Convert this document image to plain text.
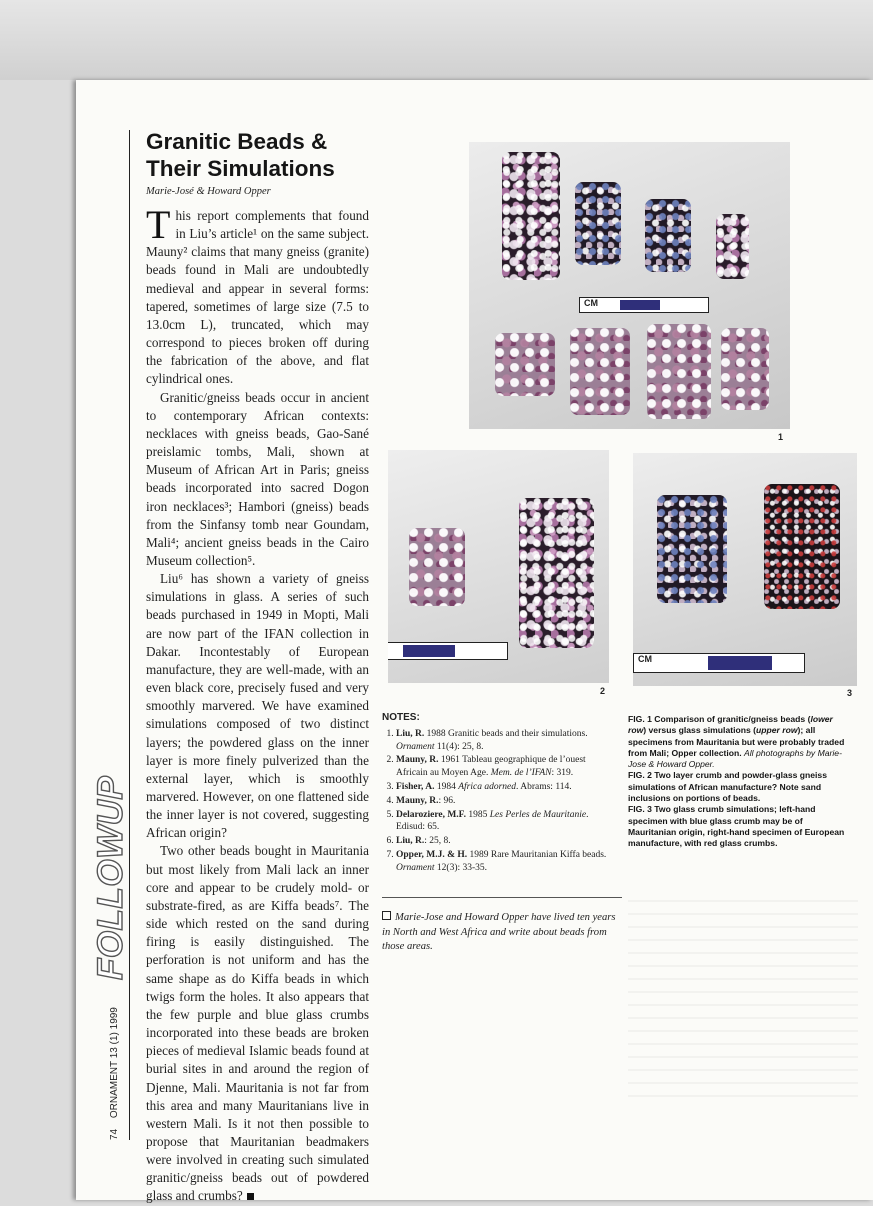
Granitic Beads &
Their Simulations
Marie-José & Howard Opper

This report complements that found in Liu’s article¹ on the same subject. Mauny² claims that many gneiss (granite) beads found in Mali are undoubtedly medieval and appear in several forms: tapered, sometimes of large size (7.5 to 13.0cm L), truncated, which may correspond to pieces broken off during the fabrication of the above, and flat cylindrical ones.

Granitic/gneiss beads occur in ancient to contemporary African contexts: necklaces with gneiss beads, Gao-Sané preislamic tombs, Mali, shown at Museum of African Art in Paris; gneiss beads incorporated into sacred Dogon iron necklaces³; Hambori (gneiss) beads from the Sinfansy tomb near Goundam, Mali⁴; ancient gneiss beads in the Cairo Museum collection⁵.

Liu⁶ has shown a variety of gneiss simulations in glass. A series of such beads purchased in 1949 in Mopti, Mali are now part of the IFAN collection in Dakar. Incontestably of European manufacture, they are well-made, with an even black core, precisely fused and very smoothly marvered. We have examined simulations composed of two distinct layers; the powdered glass on the inner layer is more finely pulverized than the external layer, which is smoothly marvered. However, on one flattened side the inner layer is not covered, suggesting African origin?

Two other beads bought in Mauritania but most likely from Mali lack an inner core and appear to be crudely mold- or substrate-fired, as are Kiffa beads⁷. The side which rested on the sand during firing is easily distinguished. The perforation is not uniform and has the same shape as do Kiffa beads in which twigs form the holes. It also appears that the few purple and blue glass crumbs incorporated into these beads are broken pieces of medieval Islamic beads found at burial sites in and around the region of Djenne, Mali. Mauritania is not far from this area and many Mauritanians live in western Mali. Is it not then possible to propose that Mauritanian beadmakers were involved in creating such simulated granitic/gneiss beads out of powdered glass and crumbs?

74 ORNAMENT 13 (1) 1999
FOLLOWUP
CM
1
2
CM
3
NOTES:
1. Liu, R. 1988 Granitic beads and their simulations. Ornament 11(4): 25, 8.
2. Mauny, R. 1961 Tableau geographique de l’ouest Africain au Moyen Age. Mem. de l’IFAN: 319.
3. Fisher, A. 1984 Africa adorned. Abrams: 114.
4. Mauny, R.: 96.
5. Delaroziere, M.F. 1985 Les Perles de Mauritanie. Edisud: 65.
6. Liu, R.: 25, 8.
7. Opper, M.J. & H. 1989 Rare Mauritanian Kiffa beads. Ornament 12(3): 33-35.
Marie-Jose and Howard Opper have lived ten years in North and West Africa and write about beads from those areas.

FIG. 1 Comparison of granitic/gneiss beads (lower row) versus glass simulations (upper row); all specimens from Mauritania but were probably traded from Mali; Opper collection. All photographs by Marie-Jose & Howard Opper.

FIG. 2 Two layer crumb and powder-glass gneiss simulations of African manufacture? Note sand inclusions on portions of beads.

FIG. 3 Two glass crumb simulations; left-hand specimen with blue glass crumb may be of Mauritanian origin, right-hand specimen of European manufacture, with red glass crumbs.
